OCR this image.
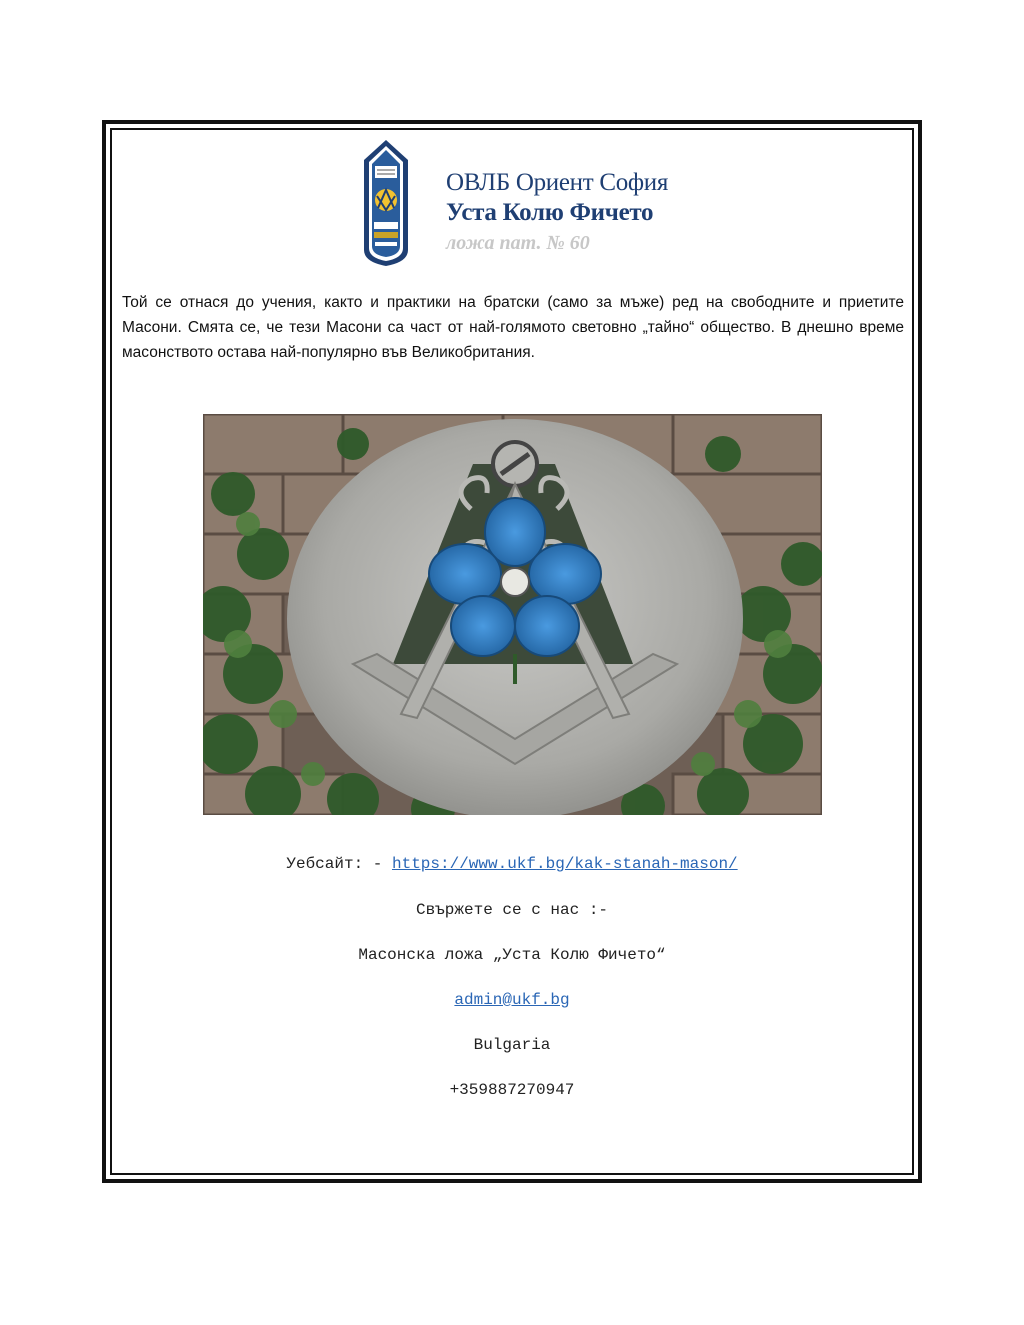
ОВЛБ Ориент София
Уста Колю Фичето
ложа пат. № 60

Той се отнася до учения, както и практики на братски (само за мъже) ред на свободните и приетите Масони. Смята се, че тези Масони са част от най-голямото световно „тайно“ общество. В днешно време масонството остава най-популярно във Великобритания.

Уебсайт: - https://www.ukf.bg/kak-stanah-mason/
Свържете се с нас :-
Масонска ложа „Уста Колю Фичето“
admin@ukf.bg
Bulgaria
+359887270947
